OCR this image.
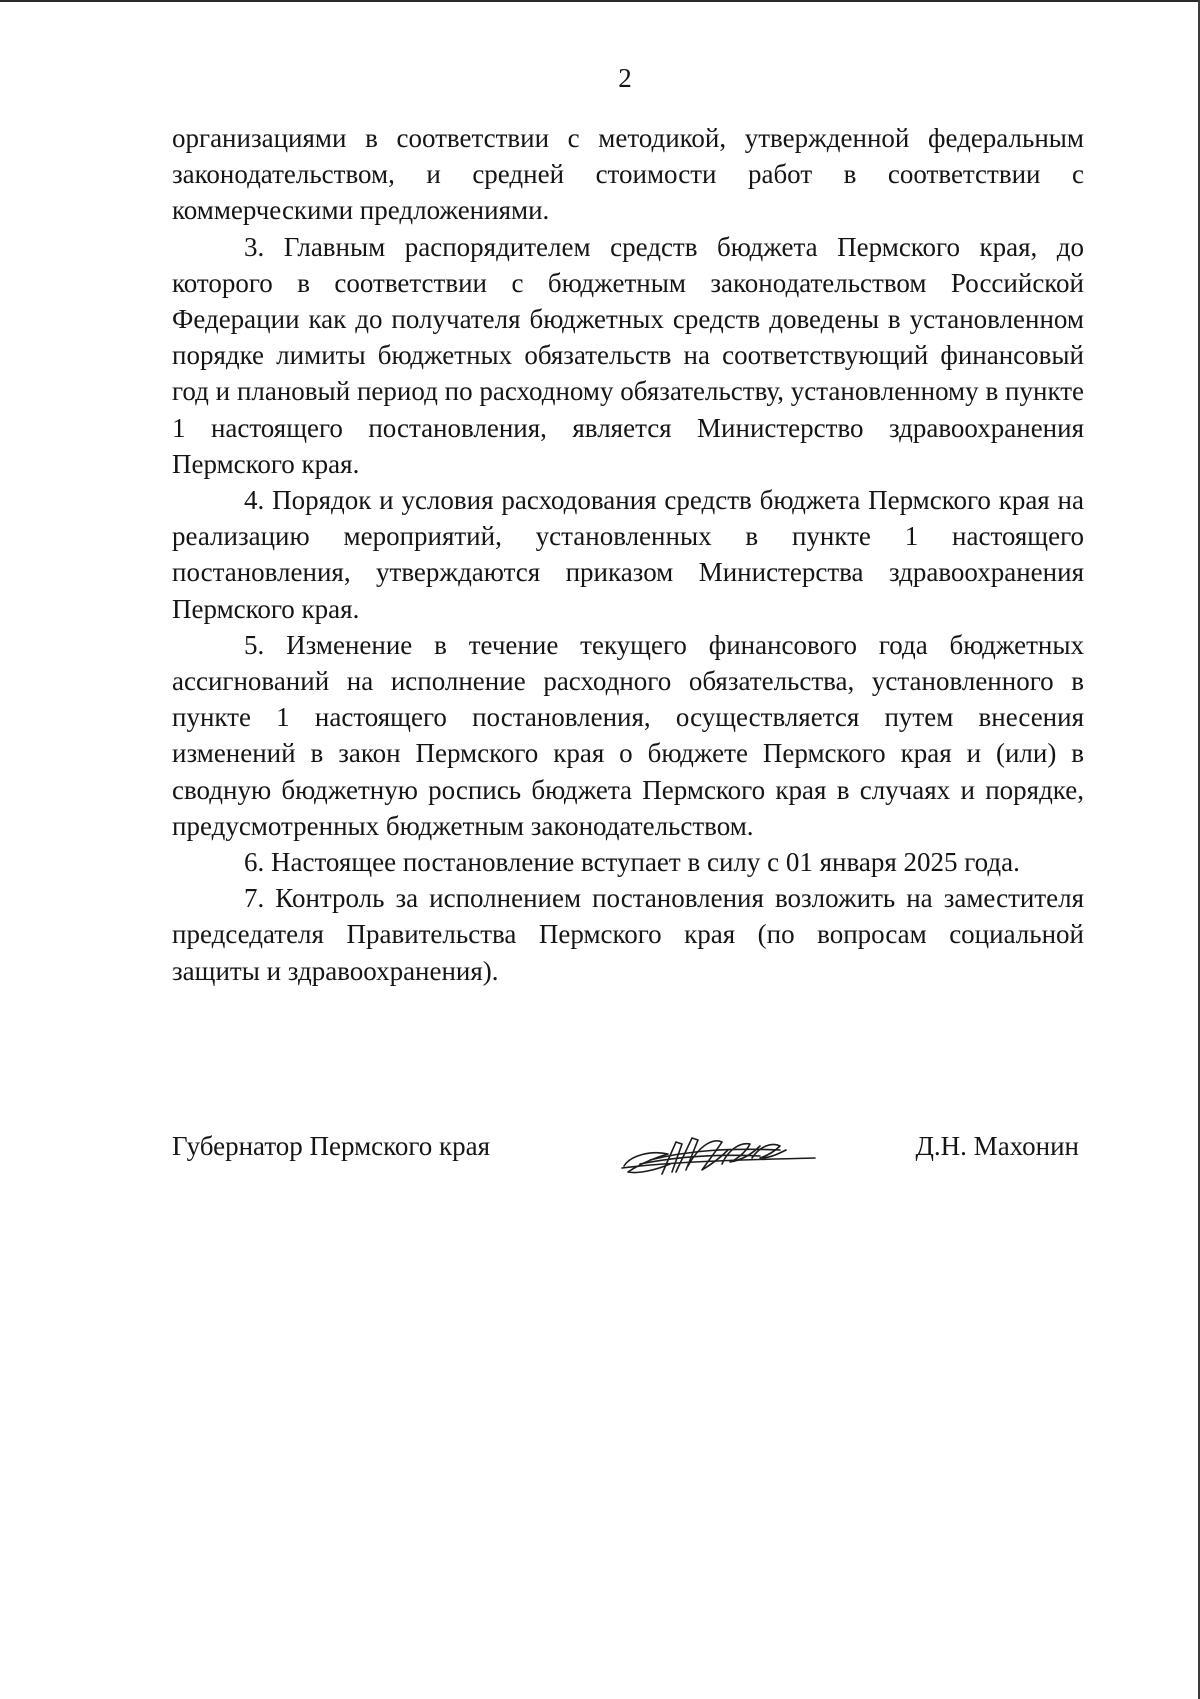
2

организациями в соответствии с методикой, утвержденной федеральным законодательством, и средней стоимости работ в соответствии с коммерческими предложениями.

3. Главным распорядителем средств бюджета Пермского края, до которого в соответствии с бюджетным законодательством Российской Федерации как до получателя бюджетных средств доведены в установленном порядке лимиты бюджетных обязательств на соответствующий финансовый год и плановый период по расходному обязательству, установленному в пункте 1 настоящего постановления, является Министерство здравоохранения Пермского края.

4. Порядок и условия расходования средств бюджета Пермского края на реализацию мероприятий, установленных в пункте 1 настоящего постановления, утверждаются приказом Министерства здравоохранения Пермского края.

5. Изменение в течение текущего финансового года бюджетных ассигнований на исполнение расходного обязательства, установленного в пункте 1 настоящего постановления, осуществляется путем внесения изменений в закон Пермского края о бюджете Пермского края и (или) в сводную бюджетную роспись бюджета Пермского края в случаях и порядке, предусмотренных бюджетным законодательством.

6. Настоящее постановление вступает в силу с 01 января 2025 года.

7. Контроль за исполнением постановления возложить на заместителя председателя Правительства Пермского края (по вопросам социальной защиты и здравоохранения).

Губернатор Пермского края	Д.Н. Махонин
